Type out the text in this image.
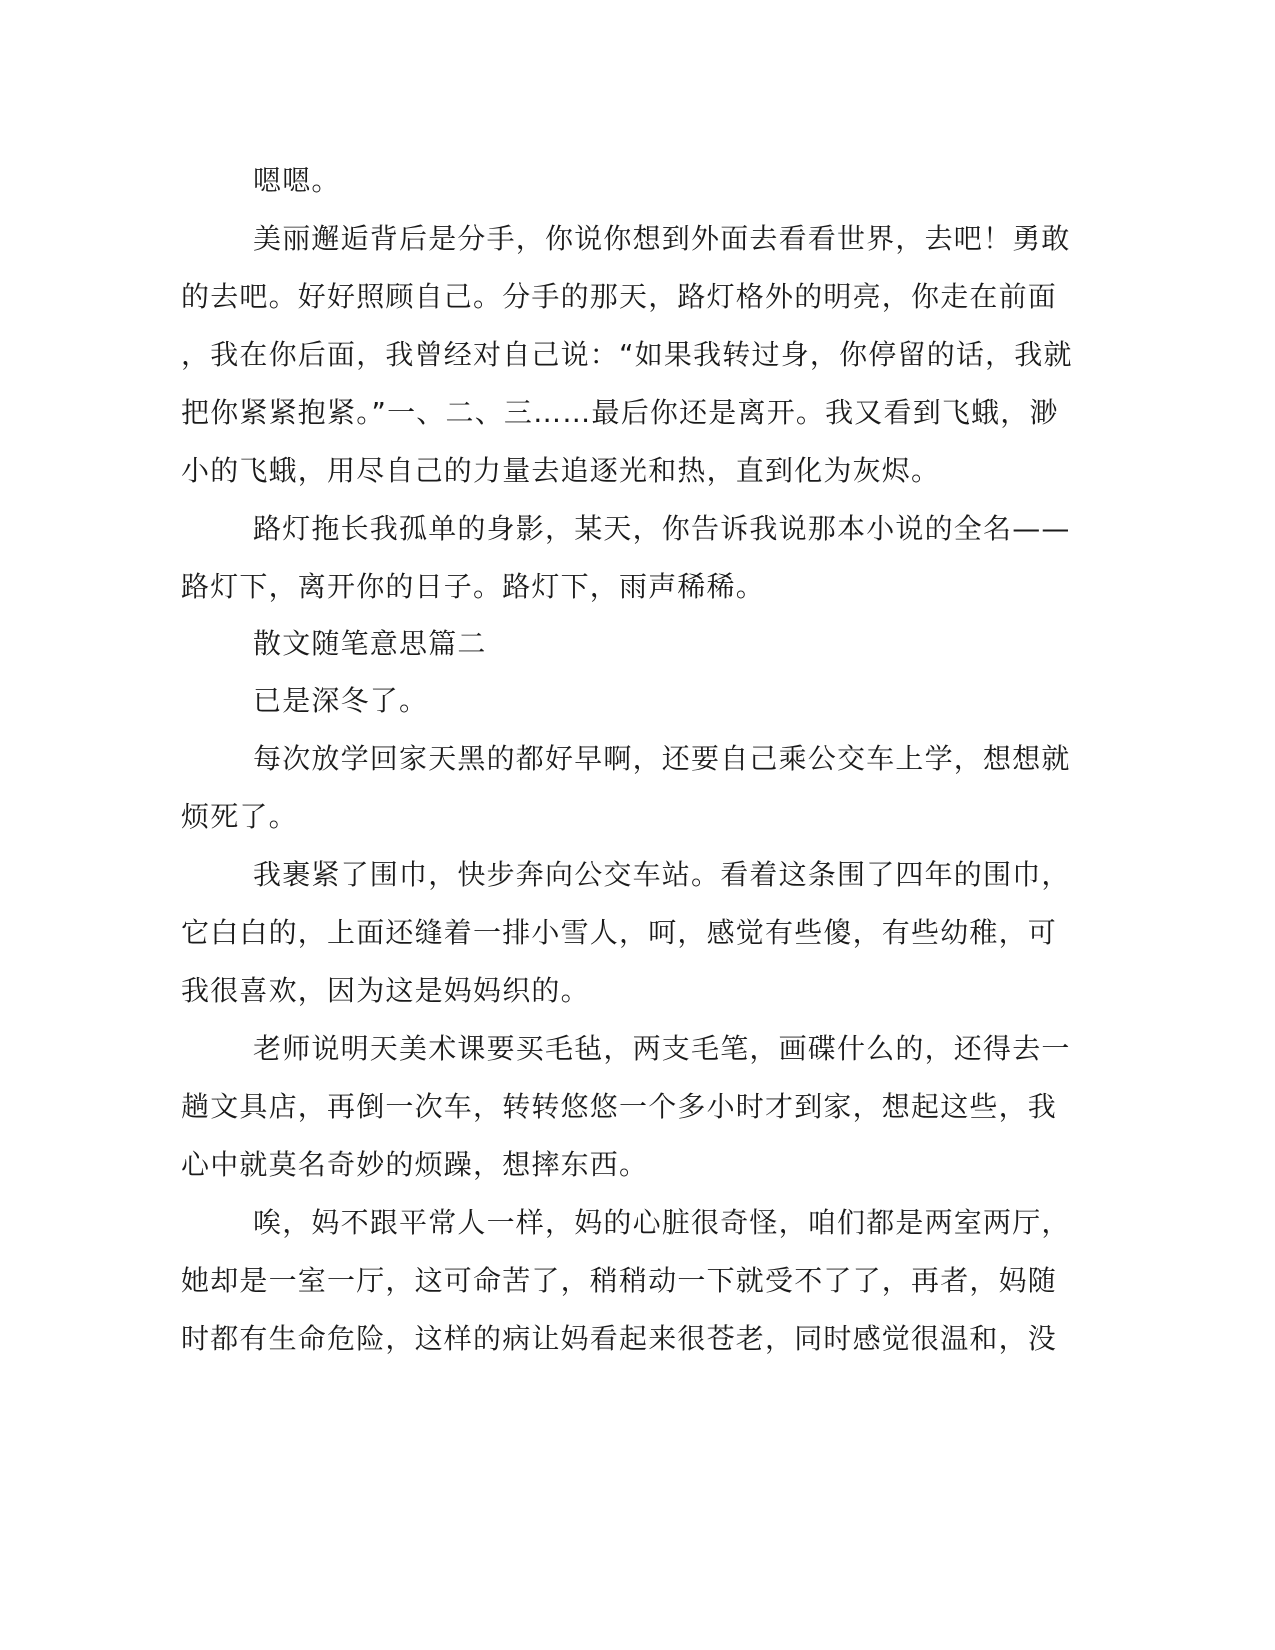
嗯嗯。
美丽邂逅背后是分手，你说你想到外面去看看世界，去吧！勇敢
的去吧。好好照顾自己。分手的那天，路灯格外的明亮，你走在前面
，我在你后面，我曾经对自己说：“如果我转过身，你停留的话，我就
把你紧紧抱紧。”一、二、三……最后你还是离开。我又看到飞蛾，渺
小的飞蛾，用尽自己的力量去追逐光和热，直到化为灰烬。
路灯拖长我孤单的身影，某天，你告诉我说那本小说的全名——
路灯下，离开你的日子。路灯下，雨声稀稀。
散文随笔意思篇二
已是深冬了。
每次放学回家天黑的都好早啊，还要自己乘公交车上学，想想就
烦死了。
我裹紧了围巾，快步奔向公交车站。看着这条围了四年的围巾，
它白白的，上面还缝着一排小雪人，呵，感觉有些傻，有些幼稚，可
我很喜欢，因为这是妈妈织的。
老师说明天美术课要买毛毡，两支毛笔，画碟什么的，还得去一
趟文具店，再倒一次车，转转悠悠一个多小时才到家，想起这些，我
心中就莫名奇妙的烦躁，想摔东西。
唉，妈不跟平常人一样，妈的心脏很奇怪，咱们都是两室两厅，
她却是一室一厅，这可命苦了，稍稍动一下就受不了了，再者，妈随
时都有生命危险，这样的病让妈看起来很苍老，同时感觉很温和，没
